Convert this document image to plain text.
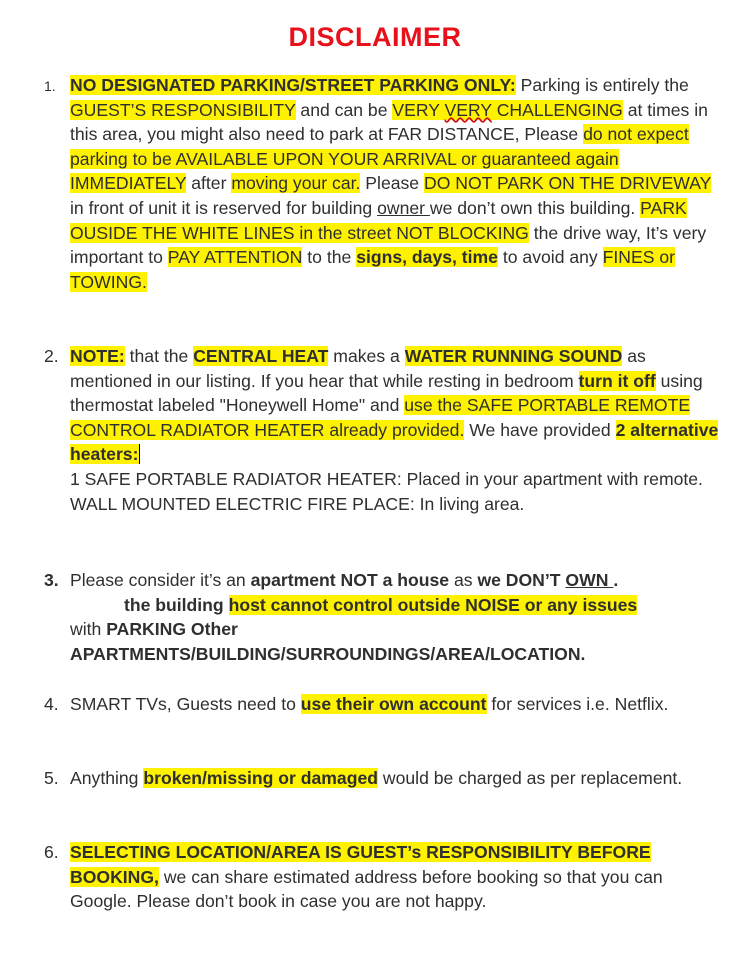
DISCLAIMER
1. NO DESIGNATED PARKING/STREET PARKING ONLY: Parking is entirely the GUEST’S RESPONSIBILITY and can be VERY VERY CHALLENGING at times in this area, you might also need to park at FAR DISTANCE, Please do not expect parking to be AVAILABLE UPON YOUR ARRIVAL or guaranteed again IMMEDIATELY after moving your car. Please DO NOT PARK ON THE DRIVEWAY in front of unit it is reserved for building owner we don’t own this building. PARK OUSIDE THE WHITE LINES in the street NOT BLOCKING the drive way, It’s very important to PAY ATTENTION to the signs, days, time to avoid any FINES or TOWING.
2. NOTE: that the CENTRAL HEAT makes a WATER RUNNING SOUND as mentioned in our listing. If you hear that while resting in bedroom turn it off using thermostat labeled "Honeywell Home" and use the SAFE PORTABLE REMOTE CONTROL RADIATOR HEATER already provided. We have provided 2 alternative heaters:
1 SAFE PORTABLE RADIATOR HEATER: Placed in your apartment with remote.
WALL MOUNTED ELECTRIC FIRE PLACE: In living area.
3. Please consider it’s an apartment NOT a house as we DON’T OWN .
the building host cannot control outside NOISE or any issues
with PARKING Other APARTMENTS/BUILDING/SURROUNDINGS/AREA/LOCATION.
4. SMART TVs, Guests need to use their own account for services i.e. Netflix.
5. Anything broken/missing or damaged would be charged as per replacement.
6. SELECTING LOCATION/AREA IS GUEST’s RESPONSIBILITY BEFORE BOOKING, we can share estimated address before booking so that you can Google. Please don’t book in case you are not happy.
